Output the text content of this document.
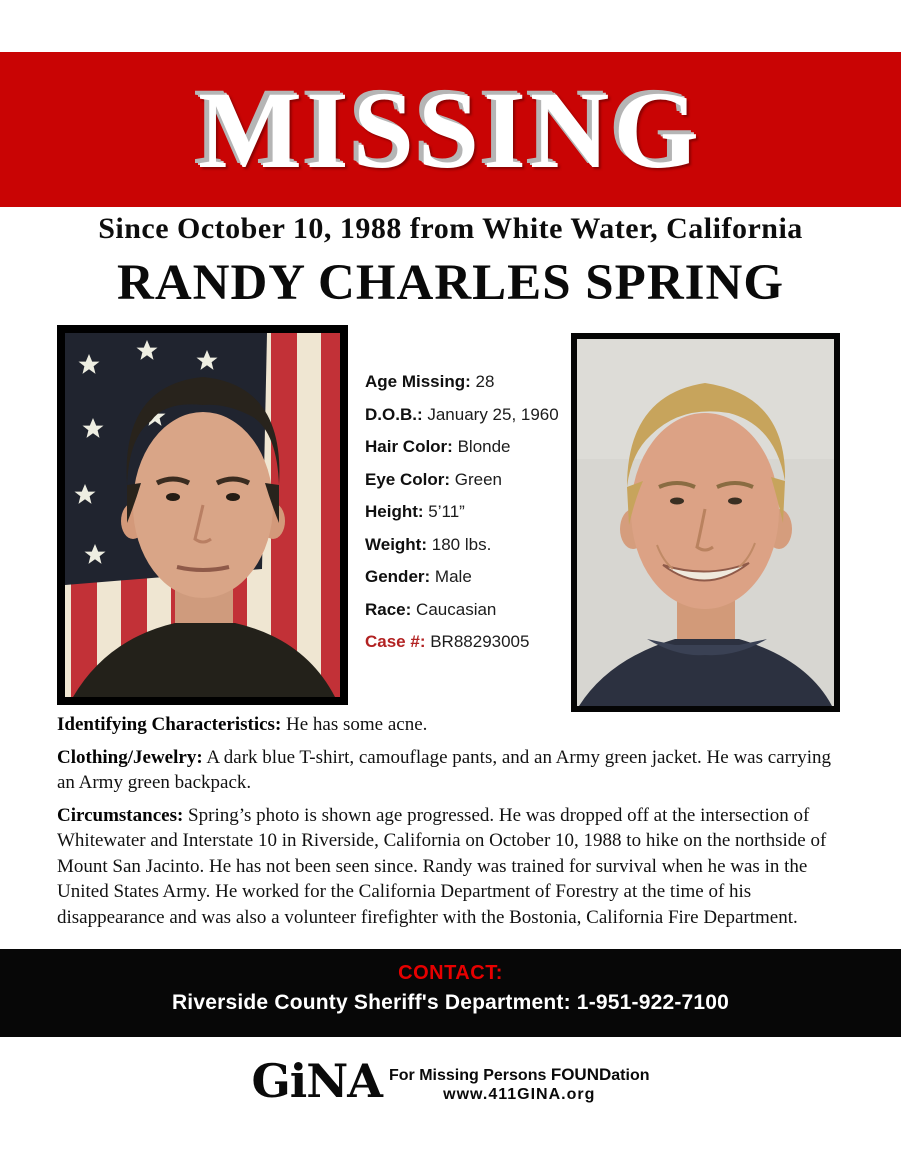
MISSING
Since October 10, 1988 from White Water, California
RANDY CHARLES SPRING
Age Missing: 28
D.O.B.: January 25, 1960
Hair Color: Blonde
Eye Color: Green
Height: 5’11”
Weight: 180 lbs.
Gender: Male
Race: Caucasian
Case #: BR88293005

Identifying Characteristics: He has some acne.

Clothing/Jewelry: A dark blue T-shirt, camouflage pants, and an Army green jacket. He was carrying an Army green backpack.

Circumstances: Spring’s photo is shown age progressed. He was dropped off at the intersection of Whitewater and Interstate 10 in Riverside, California on October 10, 1988 to hike on the northside of Mount San Jacinto. He has not been seen since. Randy was trained for survival when he was in the United States Army. He worked for the California Department of Forestry at the time of his disappearance and was also a volunteer firefighter with the Bostonia, California Fire Department.

CONTACT:
Riverside County Sheriff's Department: 1-951-922-7100
GiNA For Missing Persons FOUNDation
www.411GINA.org
